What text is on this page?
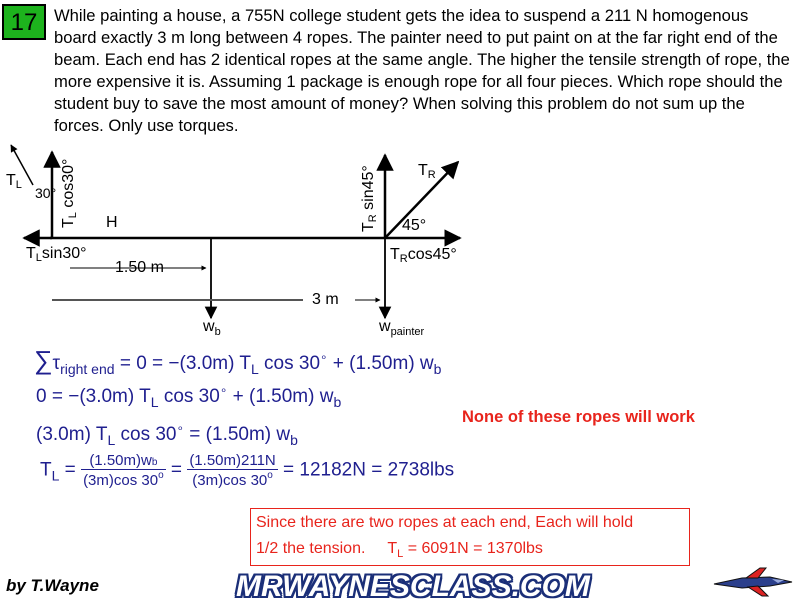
17	While painting a house, a 755N college student gets the idea to suspend a 211 N homogenous board exactly 3 m long between 4 ropes. The painter need to put paint on at the far right end of the beam. Each end has 2 identical ropes at the same angle. The higher the tensile strength of rope, the more expensive it is. Assuming 1 package is enough rope for all four pieces. Which rope should the student buy to save the most amount of money? When solving this problem do not sum up the forces. Only use torques.
$T_L$ 30°
$T_L$ cos30°
H
$T_L\sin 30^\circ$
1.50 m
3 m
$w_b$	$w_{painter}$
$T_R$ sin45°	$T_R$
45°
$T_R\cos 45^\circ$
$\sum\tau_{right end} = 0 = -(3.0m)$ $T_L$ cos 30∘ + (1.50m) $w_b$
0 = −(3.0m) $T_L$ cos 30∘ + (1.50m) $w_b$
(3.0m) $T_L$ cos 30∘ = (1.50m) $w_b$
$T_L = \frac{(1.50m)wb}{(3m)\cos 30^o} = \frac{(1.50m)211N}{(3m)\cos 30^o} = 12182N = 2738lbs$
None of these ropes will work
Since there are two ropes at each end, Each will hold
1/2 the tension.     $T_L = 6091N = 1370lbs$
by T.Wayne	MRWAYNESCLASS.COM
